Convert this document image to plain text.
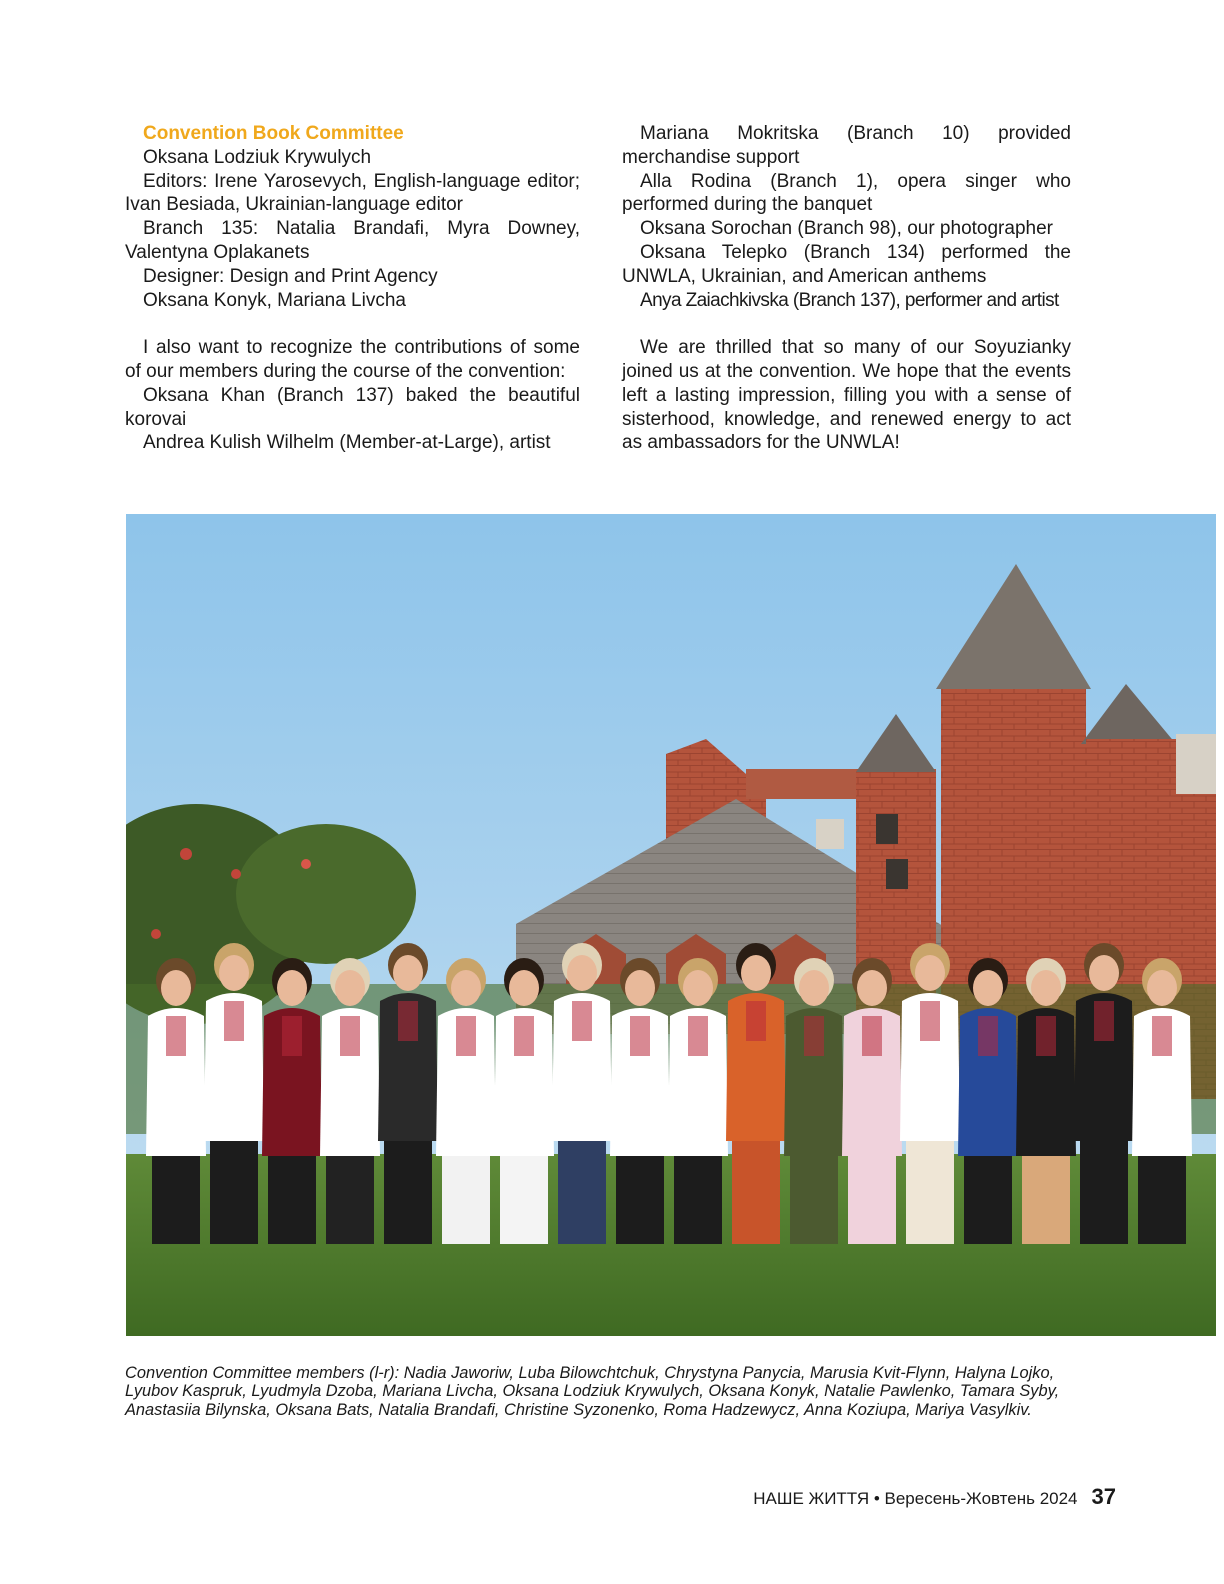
Convention Book Committee

Oksana Lodziuk Krywulych

Editors: Irene Yarosevych, English-language editor; Ivan Besiada, Ukrainian-language editor

Branch 135: Natalia Brandafi, Myra Downey, Valentyna Oplakanets

Designer: Design and Print Agency

Oksana Konyk, Mariana Livcha

I also want to recognize the contributions of some of our members during the course of the convention:

Oksana Khan (Branch 137) baked the beautiful korovai

Andrea Kulish Wilhelm (Member-at-Large), artist

Mariana Mokritska (Branch 10) provided merchandise support

Alla Rodina (Branch 1), opera singer who performed during the banquet

Oksana Sorochan (Branch 98), our photographer

Oksana Telepko (Branch 134) performed the UNWLA, Ukrainian, and American anthems

Anya Zaiachkivska (Branch 137), performer and artist

We are thrilled that so many of our Soyuzianky joined us at the convention. We hope that the events left a lasting impression, filling you with a sense of sisterhood, knowledge, and renewed energy to act as ambassadors for the UNWLA!

Convention Committee members (l-r): Nadia Jaworiw, Luba Bilowchtchuk, Chrystyna Panycia, Marusia Kvit-Flynn, Halyna Lojko, Lyubov Kaspruk, Lyudmyla Dzoba, Mariana Livcha, Oksana Lodziuk Krywulych, Oksana Konyk, Natalie Pawlenko, Tamara Syby, Anastasiia Bilynska, Oksana Bats, Natalia Brandafi, Christine Syzonenko, Roma Hadzewycz, Anna Koziupa, Mariya Vasylkiv.
НАШЕ ЖИТТЯ • Вересень-Жовтень 2024 37
